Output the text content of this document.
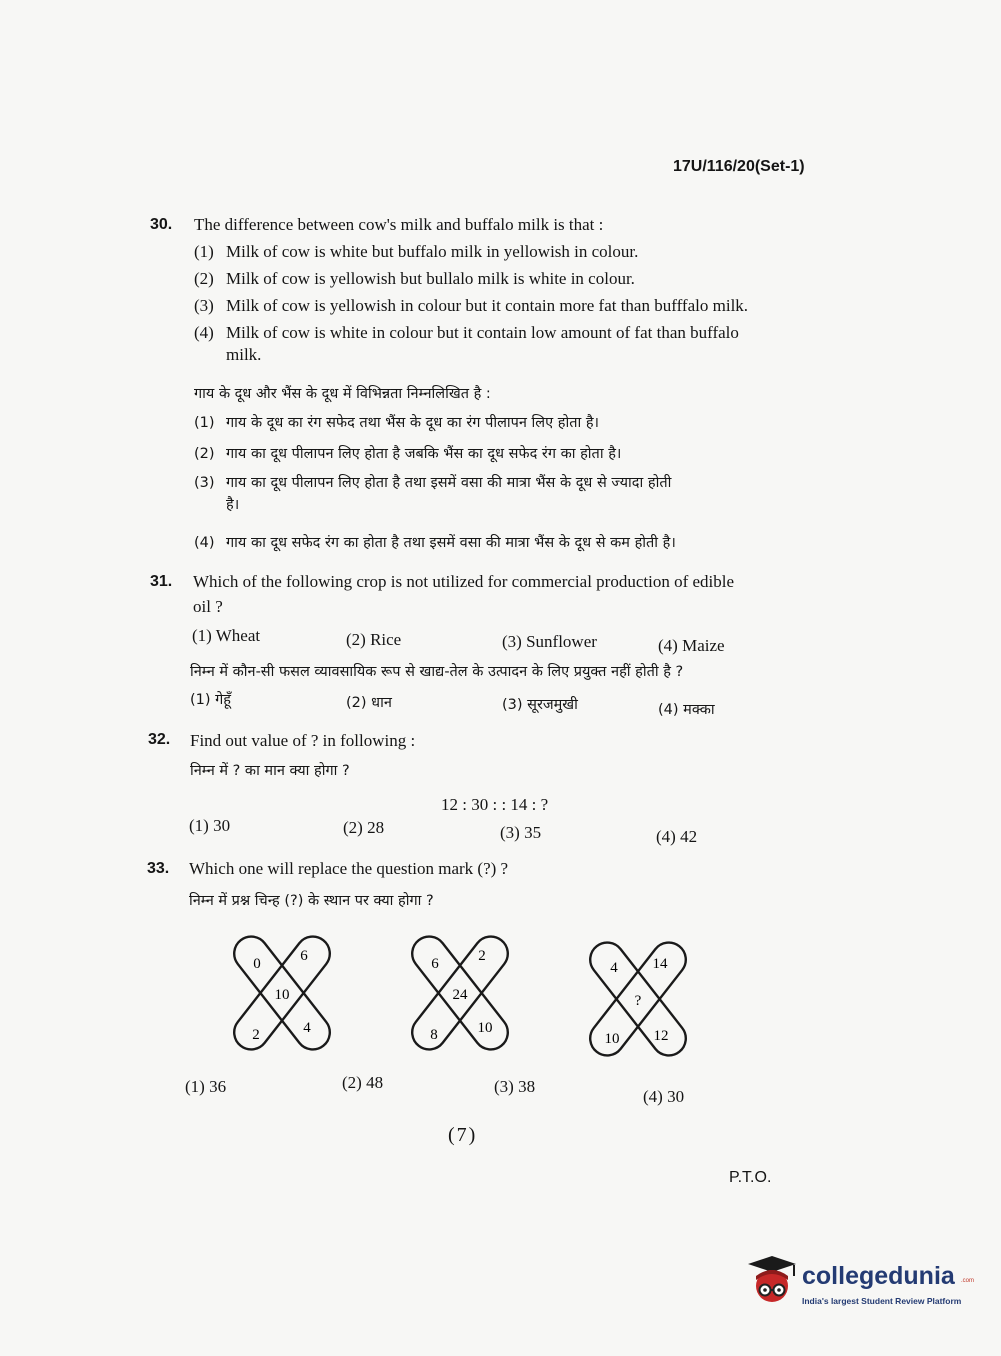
17U/116/20(Set-1)
30. The difference between cow's milk and buffalo milk is that :
(1) Milk of cow is white but buffalo milk in yellowish in colour.
(2) Milk of cow is yellowish but bullalo milk is white in colour.
(3) Milk of cow is yellowish in colour but it contain more fat than bufffalo milk.
(4) Milk of cow is white in colour but it contain low amount of fat than buffalo
milk.
गाय के दूध और भैंस के दूध में विभिन्नता निम्नलिखित है :
(1) गाय के दूध का रंग सफेद तथा भैंस के दूध का रंग पीलापन लिए होता है।
(2) गाय का दूध पीलापन लिए होता है जबकि भैंस का दूध सफेद रंग का होता है।
(3) गाय का दूध पीलापन लिए होता है तथा इसमें वसा की मात्रा भैंस के दूध से ज्यादा होती
है।
(4) गाय का दूध सफेद रंग का होता है तथा इसमें वसा की मात्रा भैंस के दूध से कम होती है।
31. Which of the following crop is not utilized for commercial production of edible
oil ?
(1) Wheat	(2) Rice	(3) Sunflower	(4) Maize
निम्न में कौन-सी फसल व्यावसायिक रूप से खाद्य-तेल के उत्पादन के लिए प्रयुक्त नहीं होती है ?
(1) गेहूँ	(2) धान	(3) सूरजमुखी	(4) मक्का
32. Find out value of ? in following :
निम्न में ? का मान क्या होगा ?
12 : 30 : : 14 : ?
(1) 30	(2) 28	(3) 35	(4) 42
33. Which one will replace the question mark (?) ?
निम्न में प्रश्न चिन्ह (?) के स्थान पर क्या होगा ?
0	6
10
2	4
6	2
24
8	10
4 14
?
10 12
(1) 36	(2) 48	(3) 38
(4) 30
(7)
P.T.O.
collegedunia .com
India's largest Student Review Platform
